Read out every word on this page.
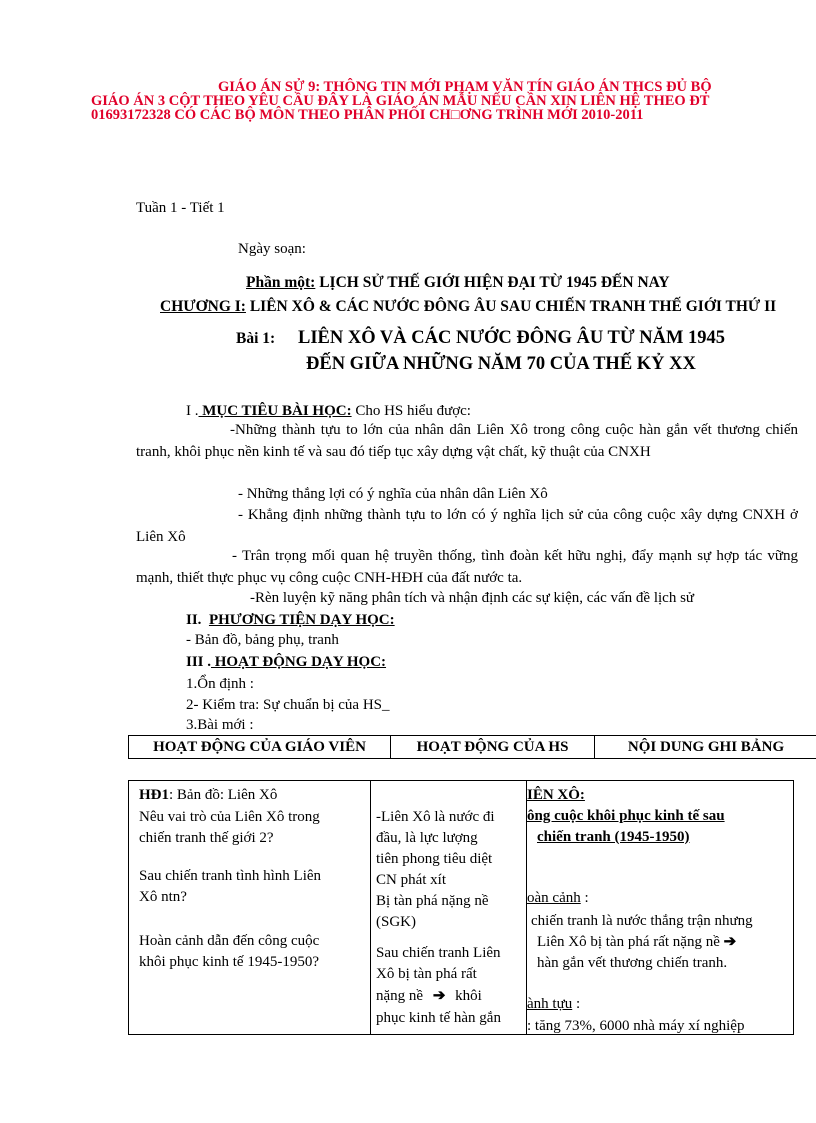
GIÁO ÁN SỬ 9: THÔNG TIN MỚI PHẠM VĂN TÍN GIÁO ÁN THCS ĐỦ BỘ
GIÁO ÁN 3 CỘT THEO YÊU CẦU ĐÂY LÀ GIÁO ÁN MẪU NẾU CẦN XIN LIÊN HỆ THEO ĐT
01693172328 CÓ CÁC BỘ MÔN THEO PHÂN PHỐI CH□ƠNG TRÌNH MỚI 2010-2011
Tuần 1 - Tiết 1
Ngày soạn:
Phần một: LỊCH SỬ THẾ GIỚI HIỆN ĐẠI TỪ 1945 ĐẾN NAY
CHƯƠNG I: LIÊN XÔ & CÁC NƯỚC ĐÔNG ÂU SAU CHIẾN TRANH THẾ GIỚI THỨ II
Bài 1: LIÊN XÔ VÀ CÁC NƯỚC ĐÔNG ÂU TỪ NĂM 1945
ĐẾN GIỮA NHỮNG NĂM 70 CỦA THẾ KỶ XX
I . MỤC TIÊU BÀI HỌC: Cho HS hiểu được:
-Những thành tựu to lớn của nhân dân Liên Xô trong công cuộc hàn gắn vết thương chiến tranh, khôi phục nền kinh tế và sau đó tiếp tục xây dựng vật chất, kỹ thuật của CNXH
- Những thắng lợi có ý nghĩa của nhân dân Liên Xô
- Khẳng định những thành tựu to lớn có ý nghĩa lịch sử của công cuộc xây dựng CNXH ở Liên Xô
- Trân trọng mối quan hệ truyền thống, tình đoàn kết hữu nghị, đẩy mạnh sự hợp tác vững mạnh, thiết thực phục vụ công cuộc CNH-HĐH của đất nước ta.
-Rèn luyện kỹ năng phân tích và nhận định các sự kiện, các vấn đề lịch sử
II. PHƯƠNG TIỆN DẠY HỌC:
- Bản đồ, bảng phụ, tranh
III . HOẠT ĐỘNG DẠY HỌC:
1.Ổn định :
2- Kiểm tra: Sự chuẩn bị của HS_
3.Bài mới :
HOẠT ĐỘNG CỦA GIÁO VIÊN	HOẠT ĐỘNG CỦA HS	NỘI DUNG GHI BẢNG
HĐ1: Bản đồ: Liên Xô
Nêu vai trò của Liên Xô trong
chiến tranh thế giới 2?
Sau chiến tranh tình hình Liên
Xô ntn?
Hoàn cảnh dẫn đến công cuộc
khôi phục kinh tế 1945-1950?
-Liên Xô là nước đi
đầu, là lực lượng
tiên phong tiêu diệt
CN phát xít
Bị tàn phá nặng nề
(SGK)
Sau chiến tranh Liên
Xô bị tàn phá rất
nặng nề ➔ khôi
phục kinh tế hàn gắn
IÊN XÔ:
ông cuộc khôi phục kinh tế sau
chiến tranh (1945-1950)
oàn cảnh :
chiến tranh là nước thắng trận nhưng
Liên Xô bị tàn phá rất nặng nề ➔
hàn gắn vết thương chiến tranh.
ành tựu :
: tăng 73%, 6000 nhà máy xí nghiệp
